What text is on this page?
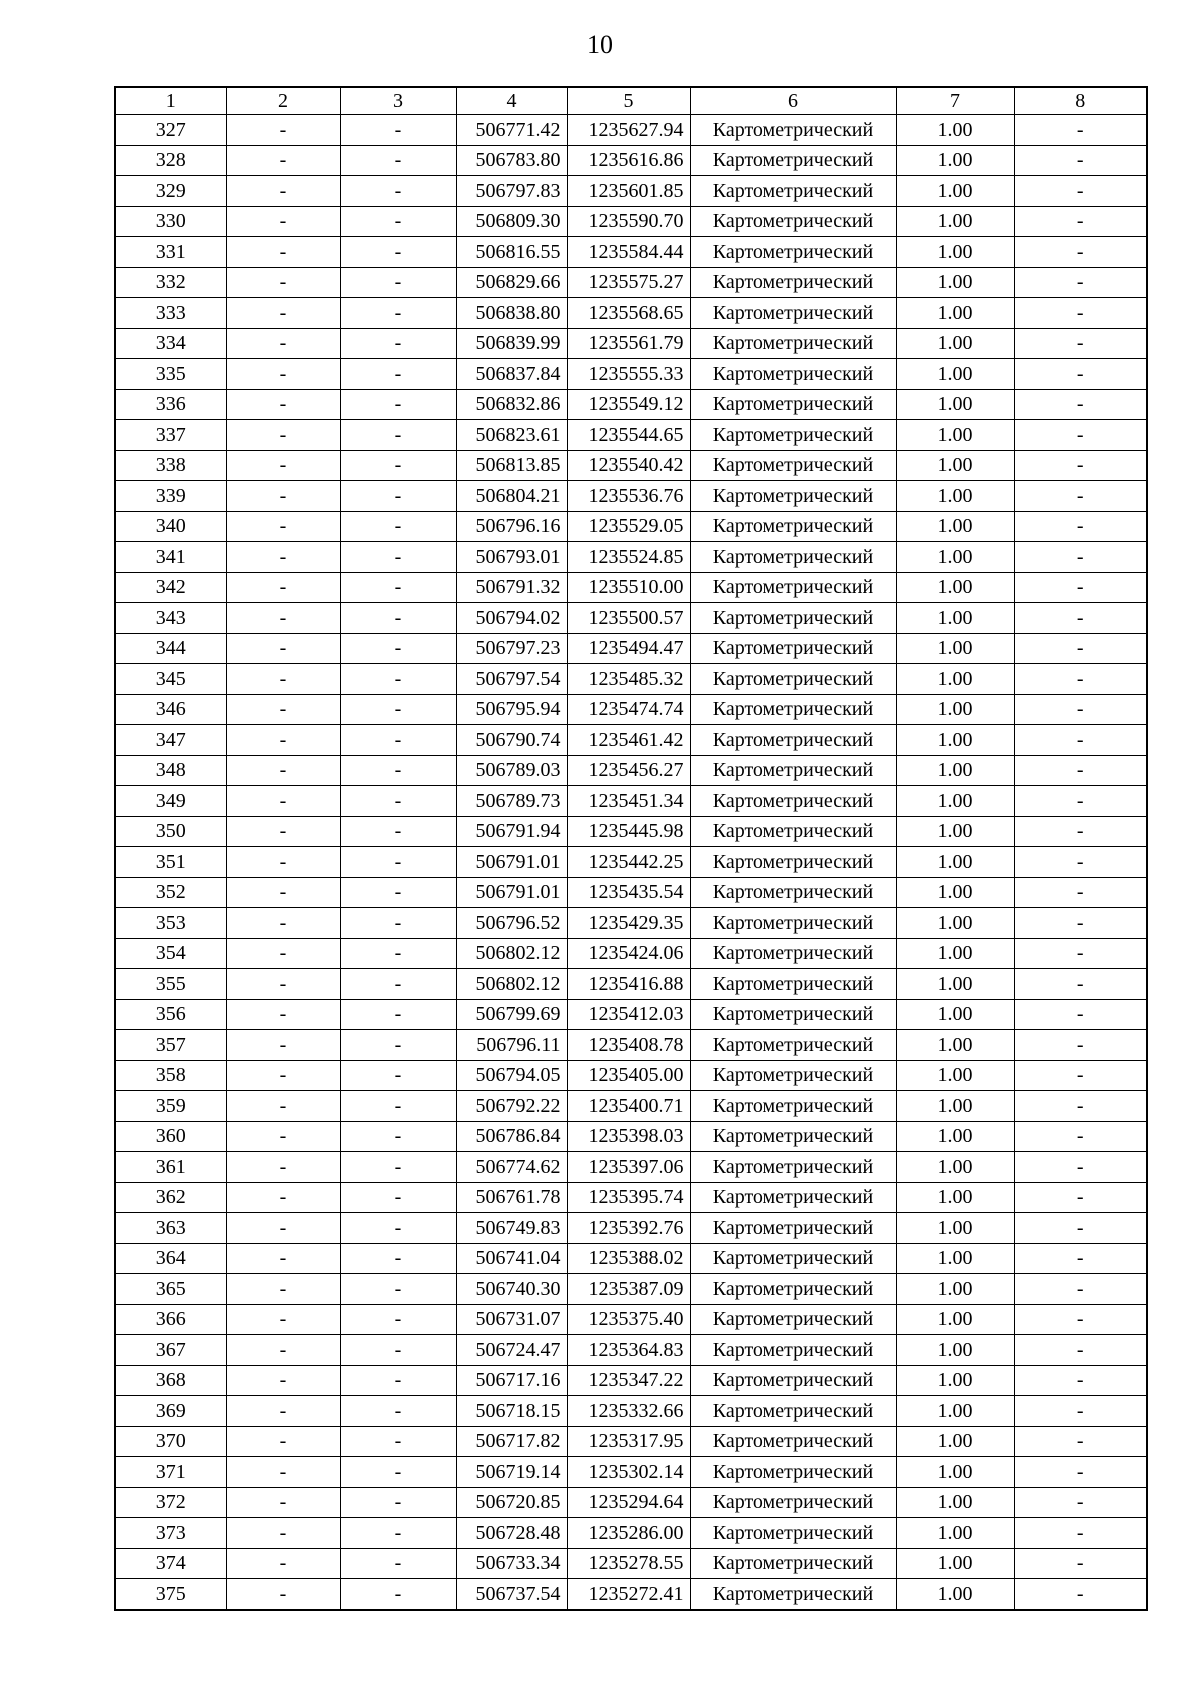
10
1	2	3	4	5	6	7	8
327	-	-	506771.42	1235627.94	Картометрический	1.00	-
328	-	-	506783.80	1235616.86	Картометрический	1.00	-
329	-	-	506797.83	1235601.85	Картометрический	1.00	-
330	-	-	506809.30	1235590.70	Картометрический	1.00	-
331	-	-	506816.55	1235584.44	Картометрический	1.00	-
332	-	-	506829.66	1235575.27	Картометрический	1.00	-
333	-	-	506838.80	1235568.65	Картометрический	1.00	-
334	-	-	506839.99	1235561.79	Картометрический	1.00	-
335	-	-	506837.84	1235555.33	Картометрический	1.00	-
336	-	-	506832.86	1235549.12	Картометрический	1.00	-
337	-	-	506823.61	1235544.65	Картометрический	1.00	-
338	-	-	506813.85	1235540.42	Картометрический	1.00	-
339	-	-	506804.21	1235536.76	Картометрический	1.00	-
340	-	-	506796.16	1235529.05	Картометрический	1.00	-
341	-	-	506793.01	1235524.85	Картометрический	1.00	-
342	-	-	506791.32	1235510.00	Картометрический	1.00	-
343	-	-	506794.02	1235500.57	Картометрический	1.00	-
344	-	-	506797.23	1235494.47	Картометрический	1.00	-
345	-	-	506797.54	1235485.32	Картометрический	1.00	-
346	-	-	506795.94	1235474.74	Картометрический	1.00	-
347	-	-	506790.74	1235461.42	Картометрический	1.00	-
348	-	-	506789.03	1235456.27	Картометрический	1.00	-
349	-	-	506789.73	1235451.34	Картометрический	1.00	-
350	-	-	506791.94	1235445.98	Картометрический	1.00	-
351	-	-	506791.01	1235442.25	Картометрический	1.00	-
352	-	-	506791.01	1235435.54	Картометрический	1.00	-
353	-	-	506796.52	1235429.35	Картометрический	1.00	-
354	-	-	506802.12	1235424.06	Картометрический	1.00	-
355	-	-	506802.12	1235416.88	Картометрический	1.00	-
356	-	-	506799.69	1235412.03	Картометрический	1.00	-
357	-	-	506796.11	1235408.78	Картометрический	1.00	-
358	-	-	506794.05	1235405.00	Картометрический	1.00	-
359	-	-	506792.22	1235400.71	Картометрический	1.00	-
360	-	-	506786.84	1235398.03	Картометрический	1.00	-
361	-	-	506774.62	1235397.06	Картометрический	1.00	-
362	-	-	506761.78	1235395.74	Картометрический	1.00	-
363	-	-	506749.83	1235392.76	Картометрический	1.00	-
364	-	-	506741.04	1235388.02	Картометрический	1.00	-
365	-	-	506740.30	1235387.09	Картометрический	1.00	-
366	-	-	506731.07	1235375.40	Картометрический	1.00	-
367	-	-	506724.47	1235364.83	Картометрический	1.00	-
368	-	-	506717.16	1235347.22	Картометрический	1.00	-
369	-	-	506718.15	1235332.66	Картометрический	1.00	-
370	-	-	506717.82	1235317.95	Картометрический	1.00	-
371	-	-	506719.14	1235302.14	Картометрический	1.00	-
372	-	-	506720.85	1235294.64	Картометрический	1.00	-
373	-	-	506728.48	1235286.00	Картометрический	1.00	-
374	-	-	506733.34	1235278.55	Картометрический	1.00	-
375	-	-	506737.54	1235272.41	Картометрический	1.00	-
